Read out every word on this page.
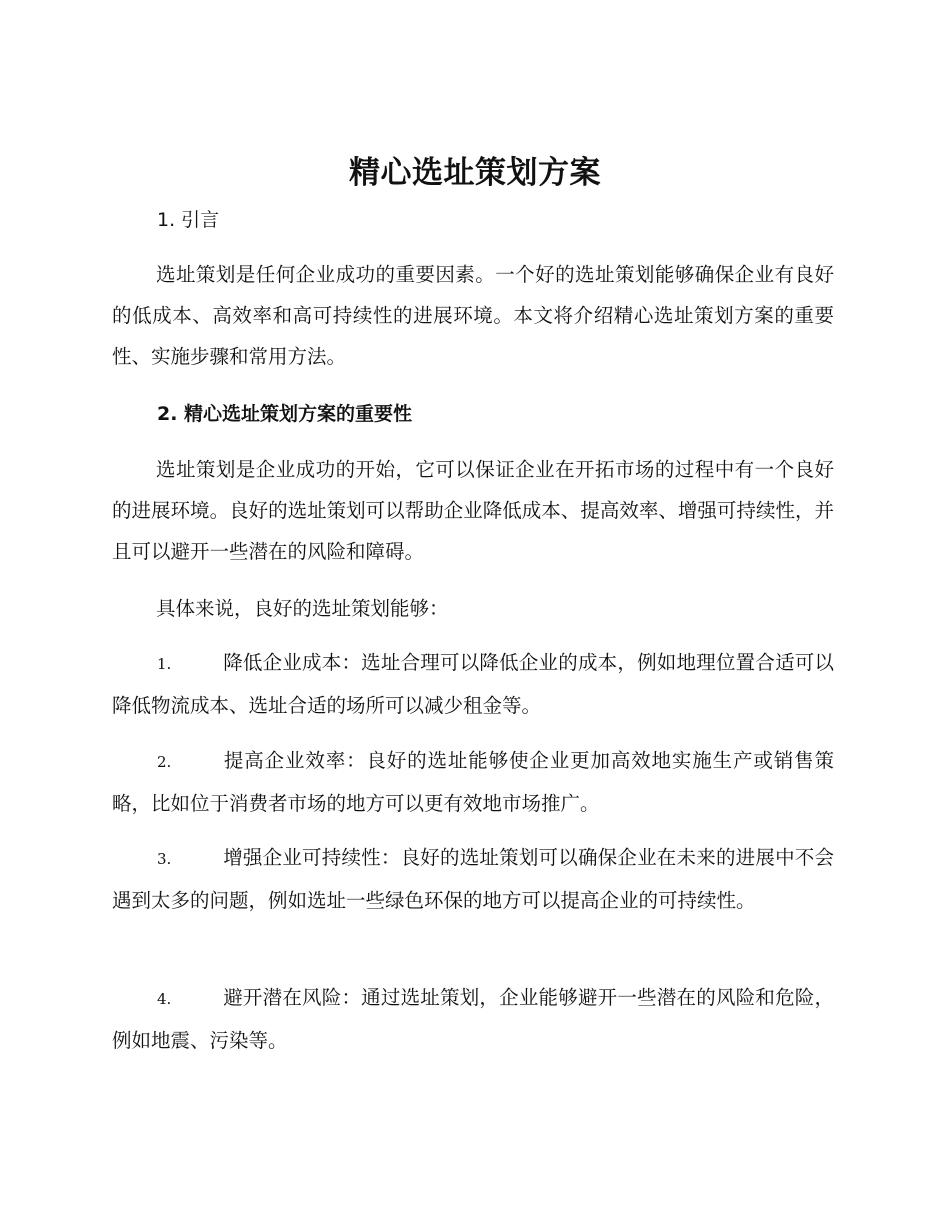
精心选址策划方案
1. 引言

选址策划是任何企业成功的重要因素。一个好的选址策划能够确保企业有良好的低成本、高效率和高可持续性的进展环境。本文将介绍精心选址策划方案的重要性、实施步骤和常用方法。

2. 精心选址策划方案的重要性

选址策划是企业成功的开始，它可以保证企业在开拓市场的过程中有一个良好的进展环境。良好的选址策划可以帮助企业降低成本、提高效率、增强可持续性，并且可以避开一些潜在的风险和障碍。

具体来说，良好的选址策划能够：

1.	降低企业成本：选址合理可以降低企业的成本，例如地理位置合适可以降低物流成本、选址合适的场所可以减少租金等。

2.	提高企业效率：良好的选址能够使企业更加高效地实施生产或销售策略，比如位于消费者市场的地方可以更有效地市场推广。

3.	增强企业可持续性：良好的选址策划可以确保企业在未来的进展中不会遇到太多的问题，例如选址一些绿色环保的地方可以提高企业的可持续性。

4.	避开潜在风险：通过选址策划，企业能够避开一些潜在的风险和危险，例如地震、污染等。
